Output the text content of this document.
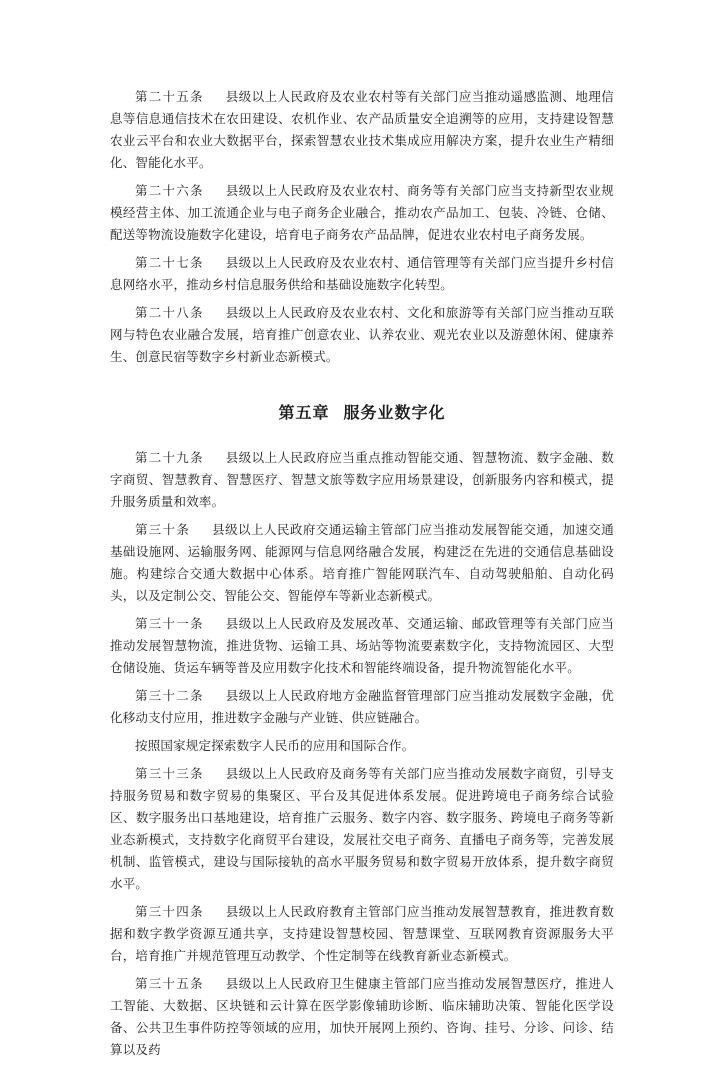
第二十五条 县级以上人民政府及农业农村等有关部门应当推动遥感监测、地理信息等信息通信技术在农田建设、农机作业、农产品质量安全追溯等的应用，支持建设智慧农业云平台和农业大数据平台，探索智慧农业技术集成应用解决方案，提升农业生产精细化、智能化水平。

第二十六条 县级以上人民政府及农业农村、商务等有关部门应当支持新型农业规模经营主体、加工流通企业与电子商务企业融合，推动农产品加工、包装、冷链、仓储、配送等物流设施数字化建设，培育电子商务农产品品牌，促进农业农村电子商务发展。

第二十七条 县级以上人民政府及农业农村、通信管理等有关部门应当提升乡村信息网络水平，推动乡村信息服务供给和基础设施数字化转型。

第二十八条 县级以上人民政府及农业农村、文化和旅游等有关部门应当推动互联网与特色农业融合发展，培育推广创意农业、认养农业、观光农业以及游憩休闲、健康养生、创意民宿等数字乡村新业态新模式。

第五章 服务业数字化

第二十九条 县级以上人民政府应当重点推动智能交通、智慧物流、数字金融、数字商贸、智慧教育、智慧医疗、智慧文旅等数字应用场景建设，创新服务内容和模式，提升服务质量和效率。

第三十条 县级以上人民政府交通运输主管部门应当推动发展智能交通，加速交通基础设施网、运输服务网、能源网与信息网络融合发展，构建泛在先进的交通信息基础设施。构建综合交通大数据中心体系。培育推广智能网联汽车、自动驾驶船舶、自动化码头，以及定制公交、智能公交、智能停车等新业态新模式。

第三十一条 县级以上人民政府及发展改革、交通运输、邮政管理等有关部门应当推动发展智慧物流，推进货物、运输工具、场站等物流要素数字化，支持物流园区、大型仓储设施、货运车辆等普及应用数字化技术和智能终端设备，提升物流智能化水平。

第三十二条 县级以上人民政府地方金融监督管理部门应当推动发展数字金融，优化移动支付应用，推进数字金融与产业链、供应链融合。

按照国家规定探索数字人民币的应用和国际合作。

第三十三条 县级以上人民政府及商务等有关部门应当推动发展数字商贸，引导支持服务贸易和数字贸易的集聚区、平台及其促进体系发展。促进跨境电子商务综合试验区、数字服务出口基地建设，培育推广云服务、数字内容、数字服务、跨境电子商务等新业态新模式，支持数字化商贸平台建设，发展社交电子商务、直播电子商务等，完善发展机制、监管模式，建设与国际接轨的高水平服务贸易和数字贸易开放体系，提升数字商贸水平。

第三十四条 县级以上人民政府教育主管部门应当推动发展智慧教育，推进教育数据和数字教学资源互通共享，支持建设智慧校园、智慧课堂、互联网教育资源服务大平台，培育推广并规范管理互动教学、个性定制等在线教育新业态新模式。

第三十五条 县级以上人民政府卫生健康主管部门应当推动发展智慧医疗，推进人工智能、大数据、区块链和云计算在医学影像辅助诊断、临床辅助决策、智能化医学设备、公共卫生事件防控等领域的应用，加快开展网上预约、咨询、挂号、分诊、问诊、结算以及药
